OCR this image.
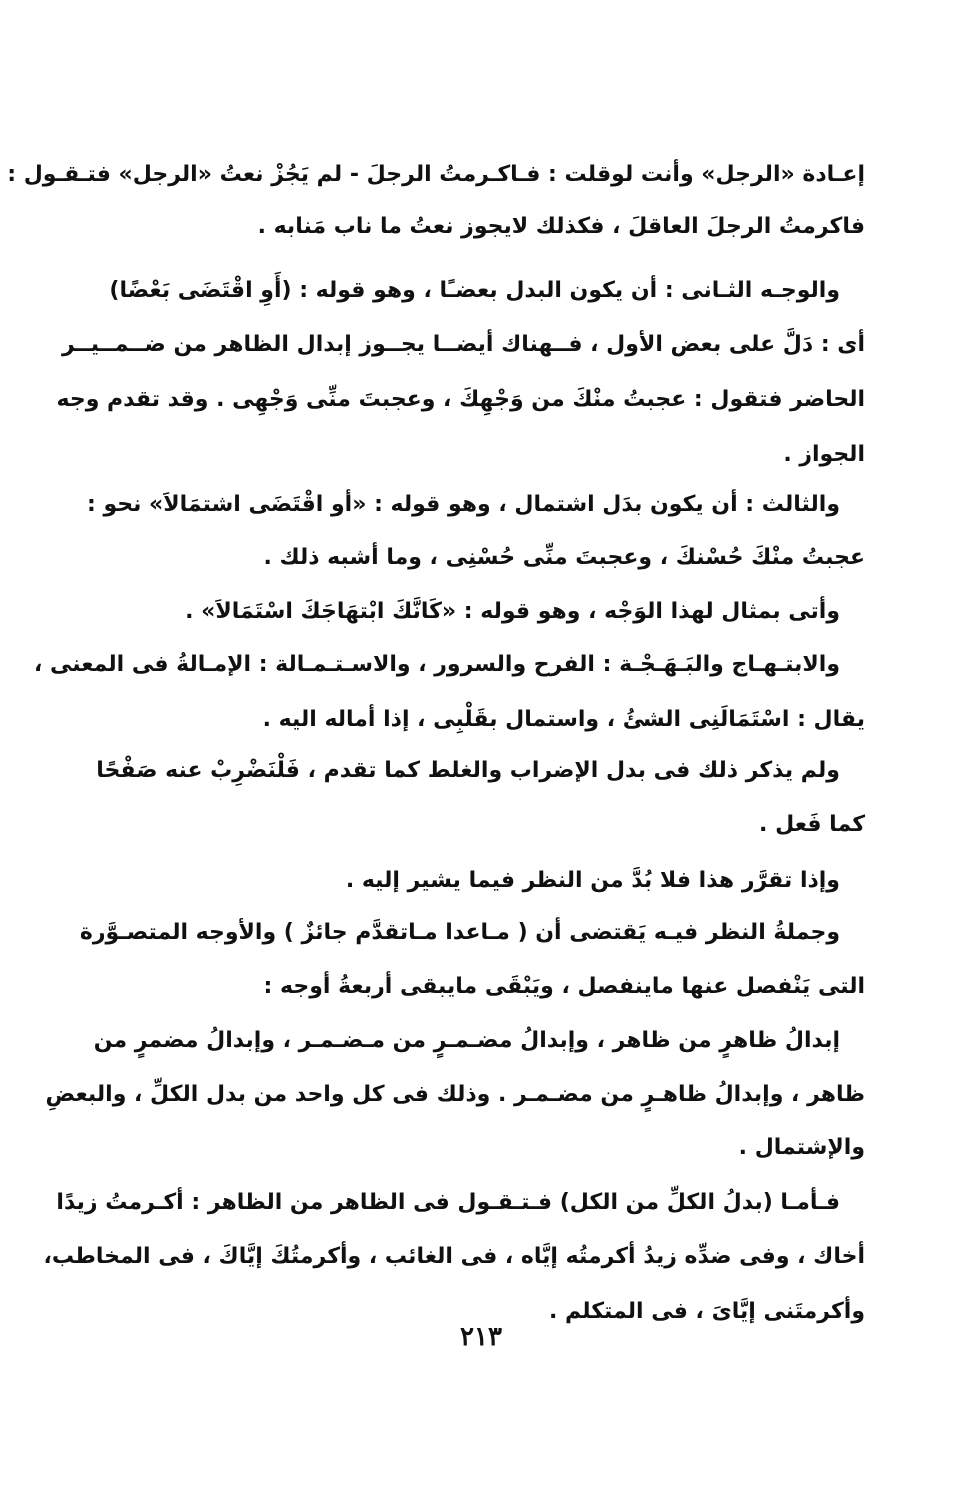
إعـادة «الرجل» وأنت لوقلت : فـاكـرمتُ الرجلَ - لم يَجُزْ نعتُ «الرجل» فتـقـول :
فاكرمتُ الرجلَ العاقلَ ، فكذلك لايجوز نعتُ ما ناب مَنابه .
والوجـه الثـانى : أن يكون البدل بعضـًا ، وهو قوله : (أَوِ اقْتَضَى بَعْضًا)
أى : دَلَّ على بعض الأول ، فــهناك أيضــا يجــوز إبدال الظاهر من ضــمــيــر
الحاضر فتقول : عجبتُ منْكَ من وَجْهِكَ ، وعجبتَ منِّى وَجْهِى . وقد تقدم وجه
الجواز .
والثالث : أن يكون بدَل اشتمال ، وهو قوله : «أو اقْتَضَى اشتمَالاَ» نحو :
عجبتُ منْكَ حُسْنكَ ، وعجبتَ منِّى حُسْنِى ، وما أشبه ذلك .
وأتى بمثال لهذا الوَجْه ، وهو قوله : «كَانَّكَ ابْتهَاجَكَ اسْتَمَالاَ» .
والابتـهـاج والبَـهَـجْـة : الفرح والسرور ، والاسـتـمـالة : الإمـالةُ فى المعنى ،
يقال : اسْتَمَالَنِى الشئُ ، واستمال بقَلْبِى ، إذا أماله اليه .
ولم يذكر ذلك فى بدل الإضراب والغلط كما تقدم ، فَلْنَضْرِبْ عنه صَفْحًا
كما فَعل .
وإذا تقرَّر هذا فلا بُدَّ من النظر فيما يشير إليه .
وجملةُ النظر فيـه يَقتضى أن ( مـاعدا مـاتقدَّم جائزٌ ) والأوجه المتصـوَّرة
التى يَنْفصل عنها ماينفصل ، ويَبْقَى مايبقى أربعةُ أوجه :
إبدالُ ظاهرٍ من ظاهر ، وإبدالُ مضـمـرٍ من مـضـمـر ، وإبدالُ مضمرٍ من
ظاهر ، وإبدالُ ظاهـرٍ من مضـمـر . وذلك فى كل واحد من بدل الكلِّ ، والبعضِ
والإشتمال .
فـأمـا (بدلُ الكلِّ من الكل) فـتـقـول فى الظاهر من الظاهر : أكـرمتُ زيدًا
أخاك ، وفى ضدِّه زيدُ أكرمتُه إيَّاه ، فى الغائب ، وأكرمتُكَ إيَّاكَ ، فى المخاطب،
وأكرمتَنى إيَّاىَ ، فى المتكلم .
٢١٣
